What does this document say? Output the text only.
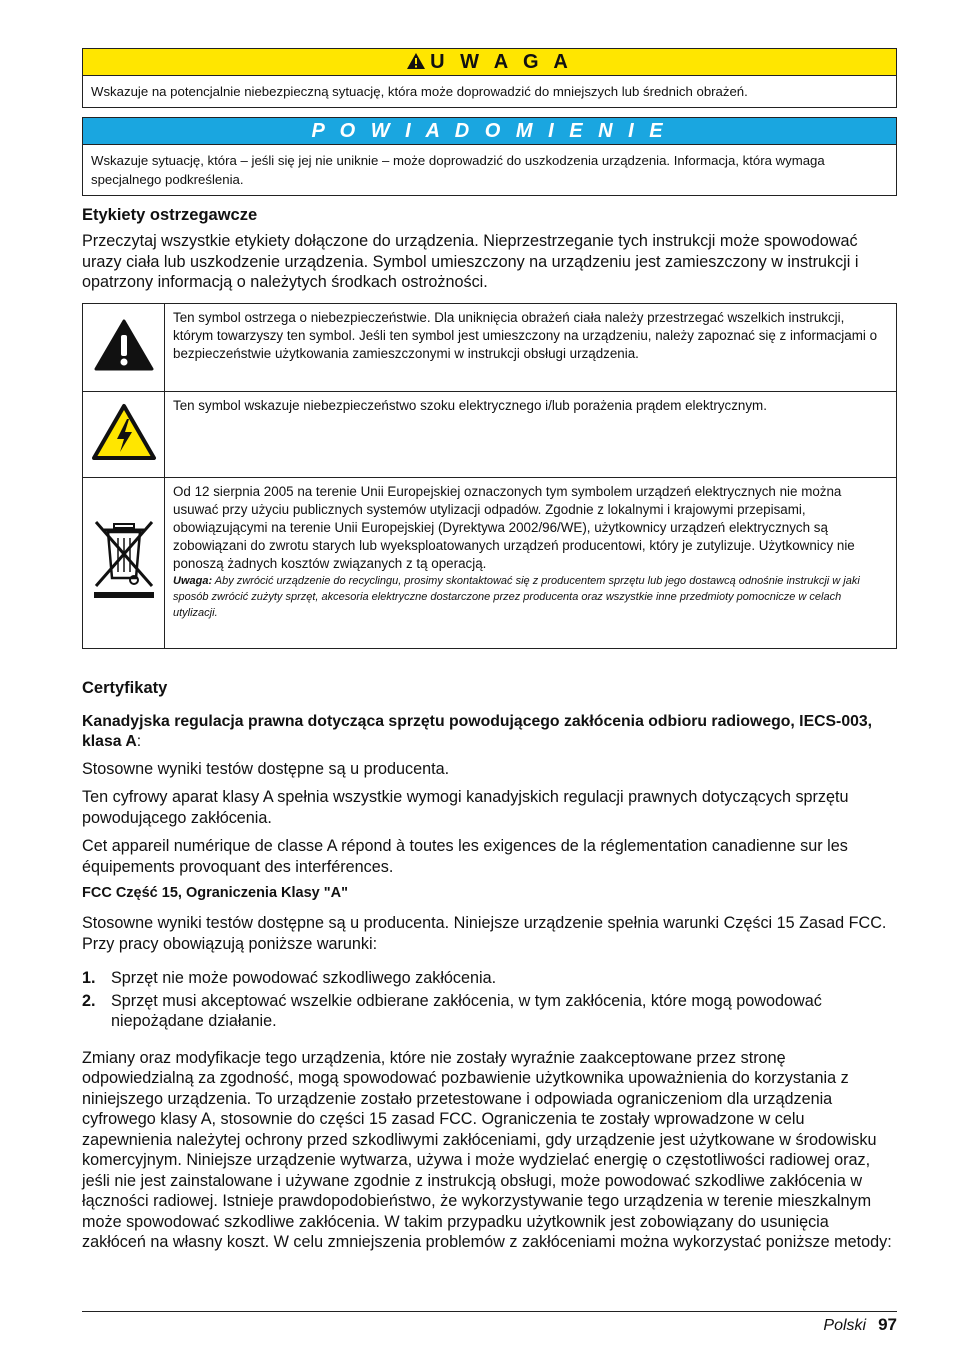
U W A G A
Wskazuje na potencjalnie niebezpieczną sytuację, która może doprowadzić do mniejszych lub średnich obrażeń.
P O W I A D O M I E N I E
Wskazuje sytuację, która – jeśli się jej nie uniknie – może doprowadzić do uszkodzenia urządzenia. Informacja, która wymaga specjalnego podkreślenia.
Etykiety ostrzegawcze

Przeczytaj wszystkie etykiety dołączone do urządzenia. Nieprzestrzeganie tych instrukcji może spowodować urazy ciała lub uszkodzenie urządzenia. Symbol umieszczony na urządzeniu jest zamieszczony w instrukcji i opatrzony informacją o należytych środkach ostrożności.

	Ten symbol ostrzega o niebezpieczeństwie. Dla uniknięcia obrażeń ciała należy przestrzegać wszelkich instrukcji, którym towarzyszy ten symbol. Jeśli ten symbol jest umieszczony na urządzeniu, należy zapoznać się z informacjami o bezpieczeństwie użytkowania zamieszczonymi w instrukcji obsługi urządzenia.
	Ten symbol wskazuje niebezpieczeństwo szoku elektrycznego i/lub porażenia prądem elektrycznym.

Od 12 sierpnia 2005 na terenie Unii Europejskiej oznaczonych tym symbolem urządzeń elektrycznych nie można usuwać przy użyciu publicznych systemów utylizacji odpadów. Zgodnie z lokalnymi i krajowymi przepisami, obowiązującymi na terenie Unii Europejskiej (Dyrektywa 2002/96/WE), użytkownicy urządzeń elektrycznych są zobowiązani do zwrotu starych lub wyeksploatowanych urządzeń producentowi, który je zutylizuje. Użytkownicy nie ponoszą żadnych kosztów związanych z tą operacją.
Uwaga: Aby zwrócić urządzenie do recyclingu, prosimy skontaktować się z producentem sprzętu lub jego dostawcą odnośnie instrukcji w jaki sposób zwrócić zużyty sprzęt, akcesoria elektryczne dostarczone przez producenta oraz wszystkie inne przedmioty pomocnicze w celach utylizacji.
Certyfikaty
Kanadyjska regulacja prawna dotycząca sprzętu powodującego zakłócenia odbioru radiowego, IECS-003, klasa A:

Stosowne wyniki testów dostępne są u producenta.

Ten cyfrowy aparat klasy A spełnia wszystkie wymogi kanadyjskich regulacji prawnych dotyczących sprzętu powodującego zakłócenia.

Cet appareil numérique de classe A répond à toutes les exigences de la réglementation canadienne sur les équipements provoquant des interférences.

FCC Część 15, Ograniczenia Klasy "A"

Stosowne wyniki testów dostępne są u producenta. Niniejsze urządzenie spełnia warunki Części 15 Zasad FCC. Przy pracy obowiązują poniższe warunki:

1. Sprzęt nie może powodować szkodliwego zakłócenia.
2. Sprzęt musi akceptować wszelkie odbierane zakłócenia, w tym zakłócenia, które mogą powodować niepożądane działanie.

Zmiany oraz modyfikacje tego urządzenia, które nie zostały wyraźnie zaakceptowane przez stronę odpowiedzialną za zgodność, mogą spowodować pozbawienie użytkownika upoważnienia do korzystania z niniejszego urządzenia. To urządzenie zostało przetestowane i odpowiada ograniczeniom dla urządzenia cyfrowego klasy A, stosownie do części 15 zasad FCC. Ograniczenia te zostały wprowadzone w celu zapewnienia należytej ochrony przed szkodliwymi zakłóceniami, gdy urządzenie jest użytkowane w środowisku komercyjnym. Niniejsze urządzenie wytwarza, używa i może wydzielać energię o częstotliwości radiowej oraz, jeśli nie jest zainstalowane i używane zgodnie z instrukcją obsługi, może powodować szkodliwe zakłócenia w łączności radiowej. Istnieje prawdopodobieństwo, że wykorzystywanie tego urządzenia w terenie mieszkalnym może spowodować szkodliwe zakłócenia. W takim przypadku użytkownik jest zobowiązany do usunięcia zakłóceń na własny koszt. W celu zmniejszenia problemów z zakłóceniami można wykorzystać poniższe metody:

Polski 97
